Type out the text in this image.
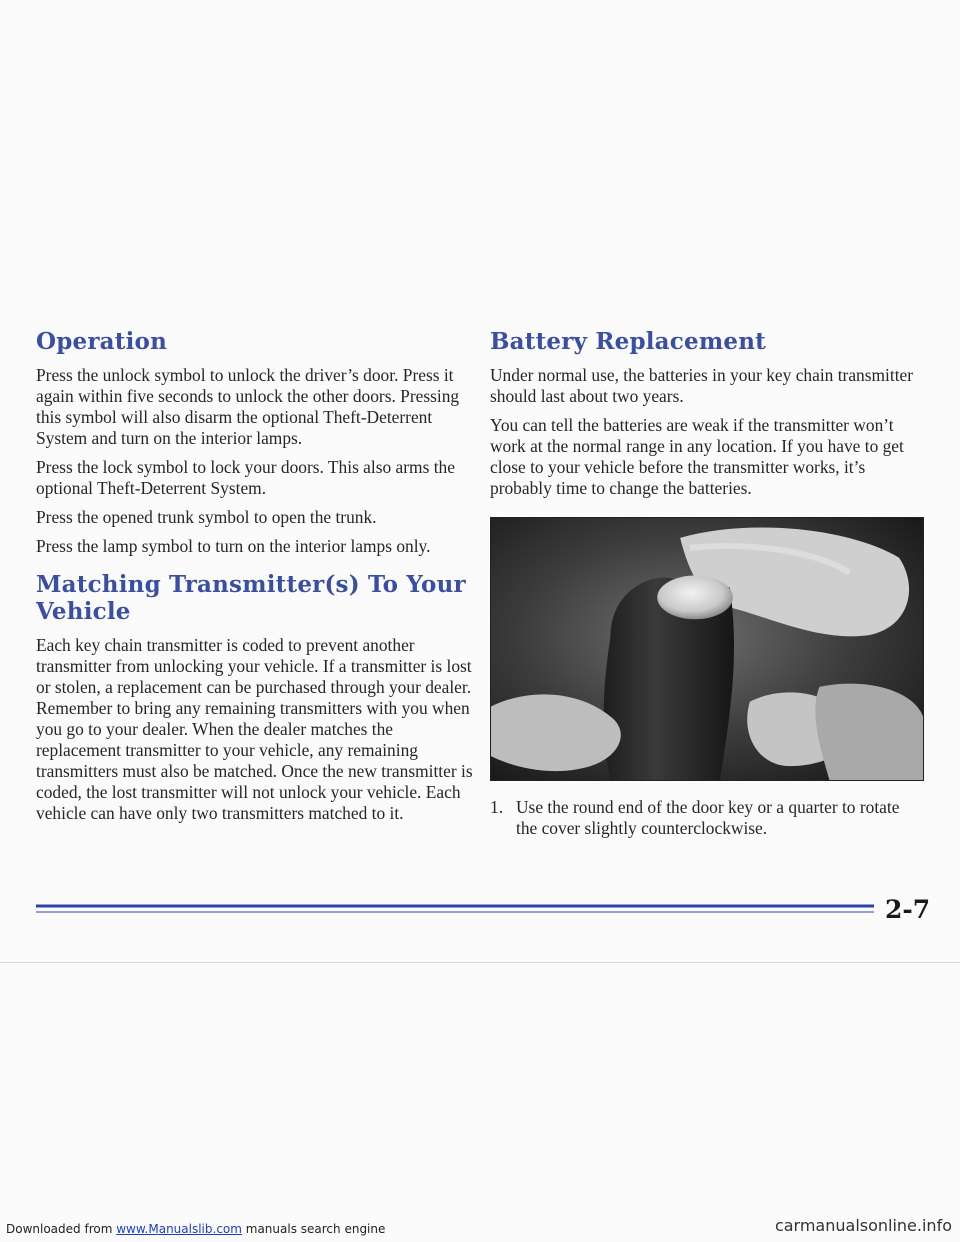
Operation

Press the unlock symbol to unlock the driver’s door. Press it again within five seconds to unlock the other doors. Pressing this symbol will also disarm the optional Theft-Deterrent System and turn on the interior lamps.

Press the lock symbol to lock your doors. This also arms the optional Theft-Deterrent System.

Press the opened trunk symbol to open the trunk.

Press the lamp symbol to turn on the interior lamps only.

Matching Transmitter(s) To Your Vehicle

Each key chain transmitter is coded to prevent another transmitter from unlocking your vehicle. If a transmitter is lost or stolen, a replacement can be purchased through your dealer. Remember to bring any remaining transmitters with you when you go to your dealer. When the dealer matches the replacement transmitter to your vehicle, any remaining transmitters must also be matched. Once the new transmitter is coded, the lost transmitter will not unlock your vehicle. Each vehicle can have only two transmitters matched to it.

Battery Replacement

Under normal use, the batteries in your key chain transmitter should last about two years.

You can tell the batteries are weak if the transmitter won’t work at the normal range in any location. If you have to get close to your vehicle before the transmitter works, it’s probably time to change the batteries.

1. Use the round end of the door key or a quarter to rotate the cover slightly counterclockwise.
2-7
Downloaded from www.Manualslib.com manuals search engine	carmanualsonline.info
